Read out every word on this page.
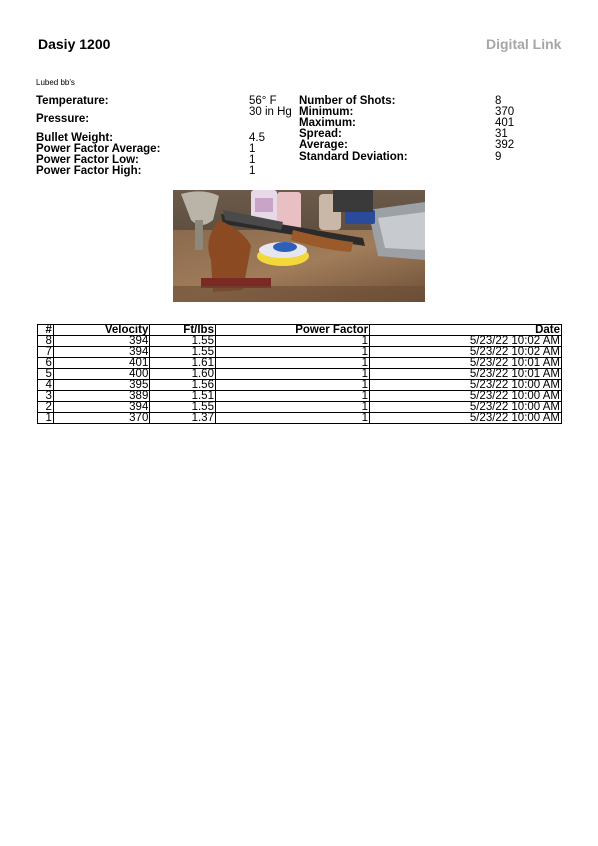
Dasiy 1200	Digital Link
Lubed bb's
Temperature:	56° F
Pressure:
30 in Hg
Bullet Weight:	4.5
Power Factor Average:	1
Power Factor Low:	1
Power Factor High:	1
Number of Shots:	8
Minimum:	370
Maximum:	401
Spread:	31
Average:	392
Standard Deviation:	9
#	Velocity	Ft/lbs	Power Factor	Date
8	394	1.55	1	5/23/22 10:02 AM
7	394	1.55	1	5/23/22 10:02 AM
6	401	1.61	1	5/23/22 10:01 AM
5	400	1.60	1	5/23/22 10:01 AM
4	395	1.56	1	5/23/22 10:00 AM
3	389	1.51	1	5/23/22 10:00 AM
2	394	1.55	1	5/23/22 10:00 AM
1	370	1.37	1	5/23/22 10:00 AM
